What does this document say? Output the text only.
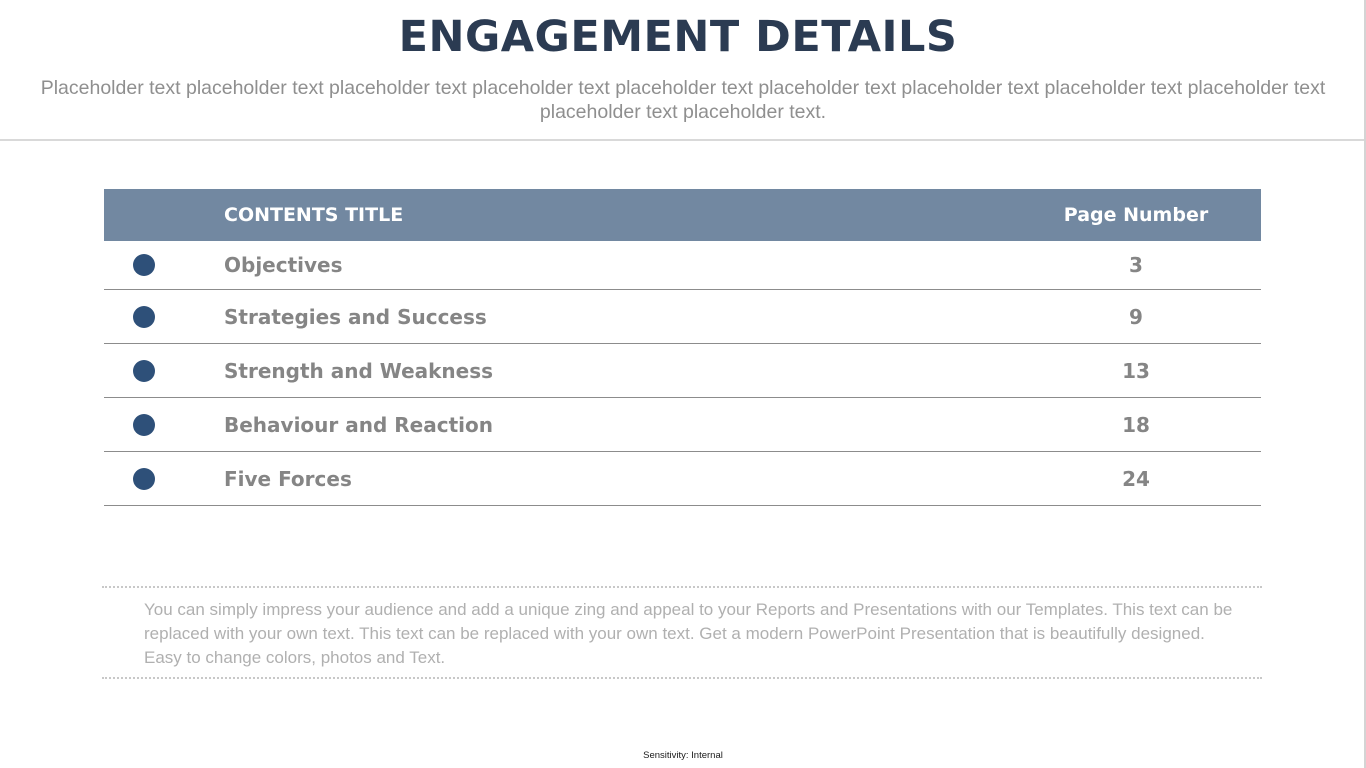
ENGAGEMENT DETAILS
Placeholder text placeholder text placeholder text placeholder text placeholder text placeholder text placeholder text placeholder text placeholder text placeholder text placeholder text.
CONTENTS TITLE	Page Number
Objectives	3
Strategies and Success	9
Strength and Weakness	13
Behaviour and Reaction	18
Five Forces	24
You can simply impress your audience and add a unique zing and appeal to your Reports and Presentations with our Templates. This text can be replaced with your own text. This text can be replaced with your own text. Get a modern PowerPoint Presentation that is beautifully designed. Easy to change colors, photos and Text.
Sensitivity: Internal
